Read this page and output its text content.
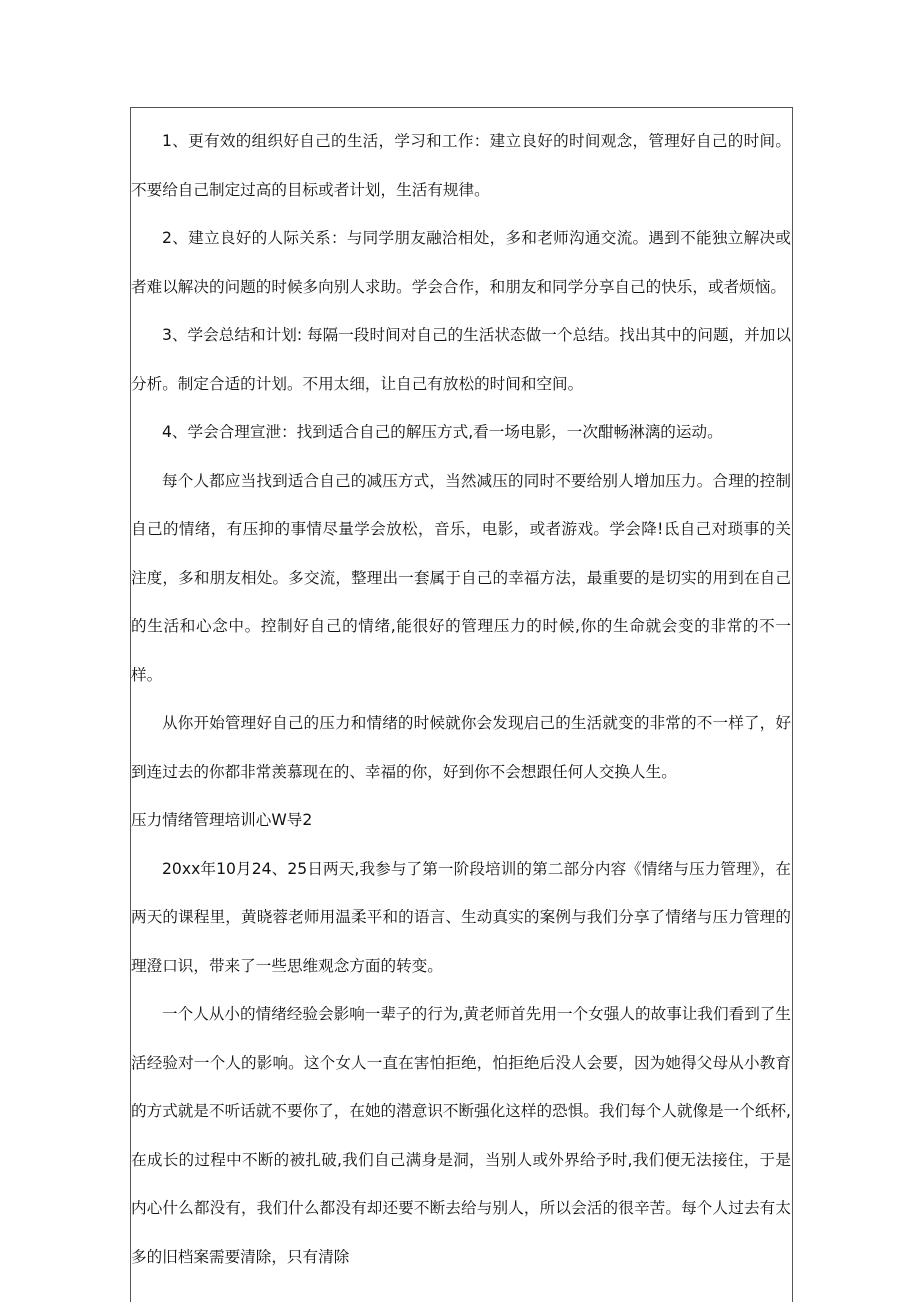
1、更有效的组织好自己的生活，学习和工作：建立良好的时间观念，管理好自己的时间。不要给自己制定过高的目标或者计划，生活有规律。

2、建立良好的人际关系：与同学朋友融洽相处，多和老师沟通交流。遇到不能独立解决或者难以解决的问题的时候多向别人求助。学会合作，和朋友和同学分享自己的快乐，或者烦恼。

3、学会总结和计划: 每隔一段时间对自己的生活状态做一个总结。找出其中的问题，并加以分析。制定合适的计划。不用太细，让自己有放松的时间和空间。

4、学会合理宣泄：找到适合自己的解压方式,看一场电影，一次酣畅淋漓的运动。

每个人都应当找到适合自己的减压方式，当然减压的同时不要给别人增加压力。合理的控制自己的情绪，有压抑的事情尽量学会放松，音乐，电影，或者游戏。学会降!氐自己对琐事的关注度，多和朋友相处。多交流，整理出一套属于自己的幸福方法，最重要的是切实的用到在自己的生活和心念中。控制好自己的情绪,能很好的管理压力的时候,你的生命就会变的非常的不一样。

从你开始管理好自己的压力和情绪的时候就你会发现启己的生活就变的非常的不一样了，好到连过去的你都非常羡慕现在的、幸福的你，好到你不会想跟任何人交换人生。

压力情绪管理培训心W导2

20xx年10月24、25日两天,我参与了第一阶段培训的第二部分内容《情绪与压力管理》，在两天的课程里，黄晓蓉老师用温柔平和的语言、生动真实的案例与我们分享了情绪与压力管理的理澄口识，带来了一些思维观念方面的转变。

一个人从小的情绪经验会影响一辈子的行为,黄老师首先用一个女强人的故事让我们看到了生活经验对一个人的影响。这个女人一直在害怕拒绝，怕拒绝后没人会要，因为她得父母从小教育的方式就是不听话就不要你了，在她的潜意识不断强化这样的恐惧。我们每个人就像是一个纸杯,在成长的过程中不断的被扎破,我们自己满身是洞，当别人或外界给予时,我们便无法接住，于是内心什么都没有，我们什么都没有却还要不断去给与别人，所以会活的很辛苦。每个人过去有太多的旧档案需要清除，只有清除
